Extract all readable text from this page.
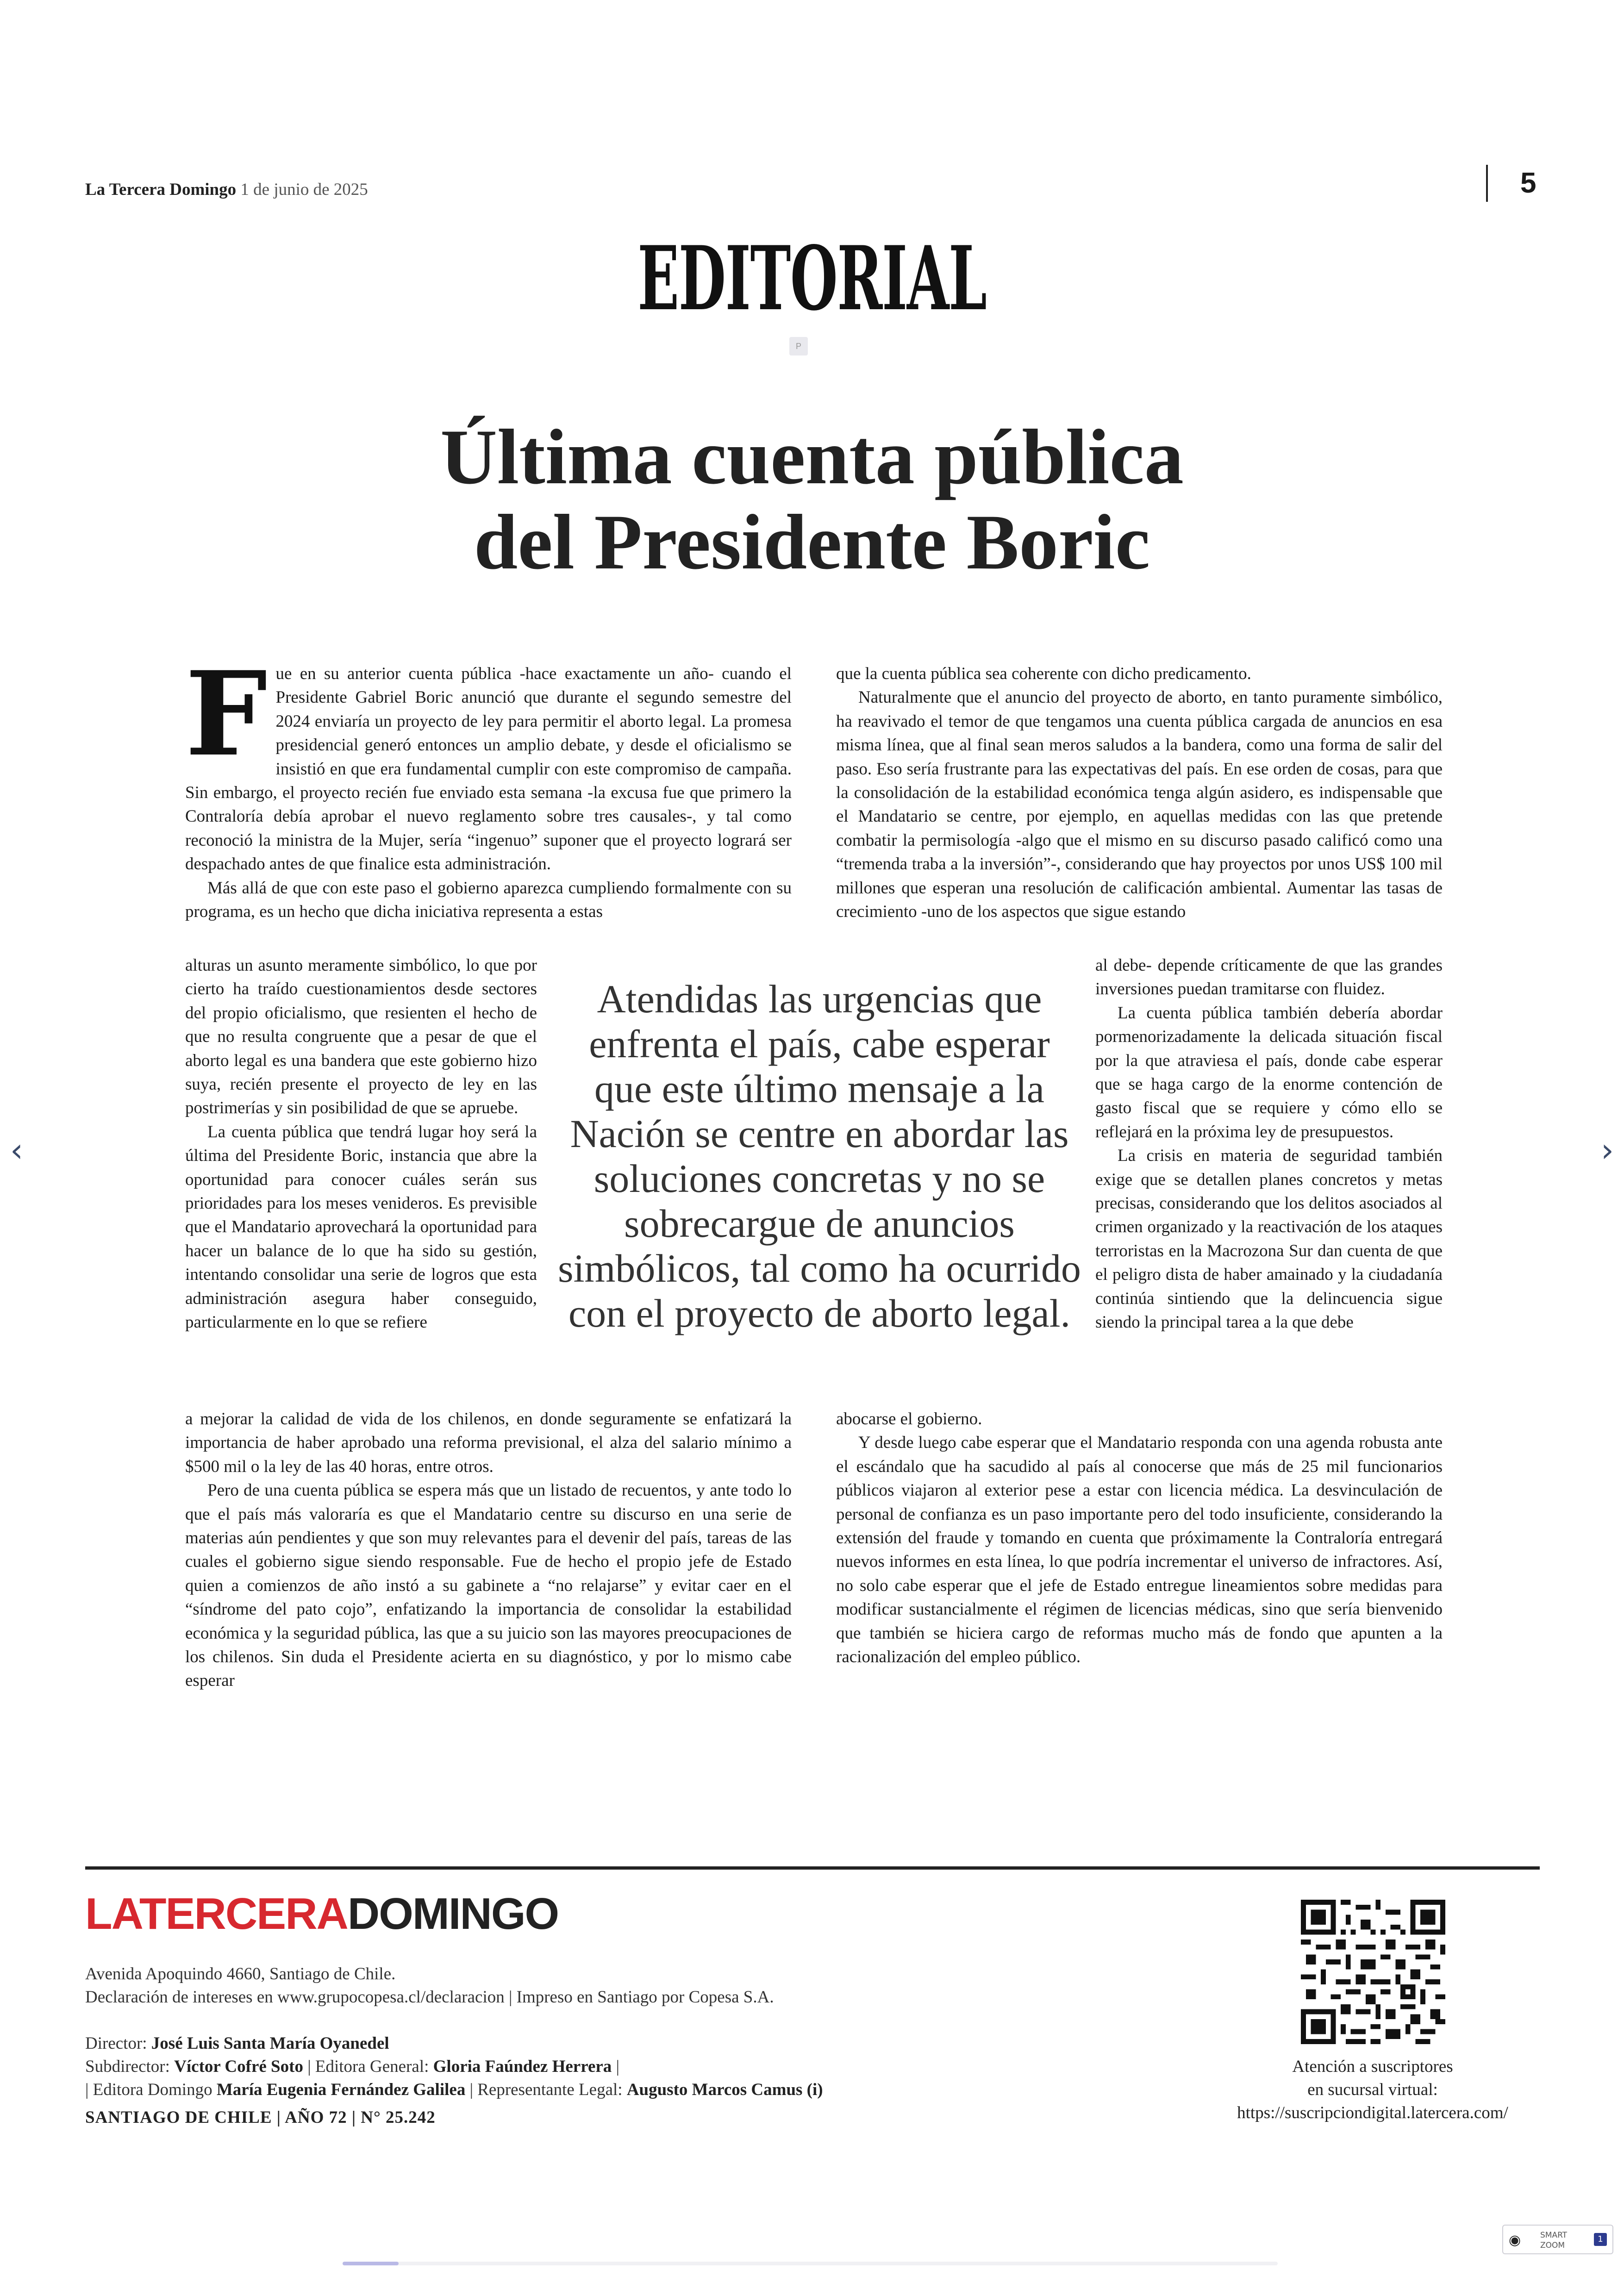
La Tercera Domingo 1 de junio de 2025	5
EDITORIAL
P
Última cuenta pública
del Presidente Boric

Fue en su anterior cuenta pública -hace exactamente un año- cuando el Presidente Gabriel Boric anunció que durante el segundo semestre del 2024 enviaría un proyecto de ley para permitir el aborto legal. La promesa presidencial generó entonces un amplio debate, y desde el oficialismo se insistió en que era fundamental cumplir con este compromiso de campaña. Sin embargo, el proyecto recién fue enviado esta semana -la excusa fue que primero la Contraloría debía aprobar el nuevo reglamento sobre tres causales-, y tal como reconoció la ministra de la Mujer, sería “ingenuo” suponer que el proyecto logrará ser despachado antes de que finalice esta administración.

Más allá de que con este paso el gobierno aparezca cumpliendo formalmente con su programa, es un hecho que dicha iniciativa representa a estas

alturas un asunto meramente simbólico, lo que por cierto ha traído cuestionamientos desde sectores del propio oficialismo, que resienten el hecho de que no resulta congruente que a pesar de que el aborto legal es una bandera que este gobierno hizo suya, recién presente el proyecto de ley en las postrimerías y sin posibilidad de que se apruebe.

La cuenta pública que tendrá lugar hoy será la última del Presidente Boric, instancia que abre la oportunidad para conocer cuáles serán sus prioridades para los meses venideros. Es previsible que el Mandatario aprovechará la oportunidad para hacer un balance de lo que ha sido su gestión, intentando consolidar una serie de logros que esta administración asegura haber conseguido, particularmente en lo que se refiere

a mejorar la calidad de vida de los chilenos, en donde seguramente se enfatizará la importancia de haber aprobado una reforma previsional, el alza del salario mínimo a $500 mil o la ley de las 40 horas, entre otros.

Pero de una cuenta pública se espera más que un listado de recuentos, y ante todo lo que el país más valoraría es que el Mandatario centre su discurso en una serie de materias aún pendientes y que son muy relevantes para el devenir del país, tareas de las cuales el gobierno sigue siendo responsable. Fue de hecho el propio jefe de Estado quien a comienzos de año instó a su gabinete a “no relajarse” y evitar caer en el “síndrome del pato cojo”, enfatizando la importancia de consolidar la estabilidad económica y la seguridad pública, las que a su juicio son las mayores preocupaciones de los chilenos. Sin duda el Presidente acierta en su diagnóstico, y por lo mismo cabe esperar

que la cuenta pública sea coherente con dicho predicamento.

Naturalmente que el anuncio del proyecto de aborto, en tanto puramente simbólico, ha reavivado el temor de que tengamos una cuenta pública cargada de anuncios en esa misma línea, que al final sean meros saludos a la bandera, como una forma de salir del paso. Eso sería frustrante para las expectativas del país. En ese orden de cosas, para que la consolidación de la estabilidad económica tenga algún asidero, es indispensable que el Mandatario se centre, por ejemplo, en aquellas medidas con las que pretende combatir la permisología -algo que el mismo en su discurso pasado calificó como una “tremenda traba a la inversión”-, considerando que hay proyectos por unos US$ 100 mil millones que esperan una resolución de calificación ambiental. Aumentar las tasas de crecimiento -uno de los aspectos que sigue estando

al debe- depende críticamente de que las grandes inversiones puedan tramitarse con fluidez.

La cuenta pública también debería abordar pormenorizadamente la delicada situación fiscal por la que atraviesa el país, donde cabe esperar que se haga cargo de la enorme contención de gasto fiscal que se requiere y cómo ello se reflejará en la próxima ley de presupuestos.

La crisis en materia de seguridad también exige que se detallen planes concretos y metas precisas, considerando que los delitos asociados al crimen organizado y la reactivación de los ataques terroristas en la Macrozona Sur dan cuenta de que el peligro dista de haber amainado y la ciudadanía continúa sintiendo que la delincuencia sigue siendo la principal tarea a la que debe

abocarse el gobierno.

Y desde luego cabe esperar que el Mandatario responda con una agenda robusta ante el escándalo que ha sacudido al país al conocerse que más de 25 mil funcionarios públicos viajaron al exterior pese a estar con licencia médica. La desvinculación de personal de confianza es un paso importante pero del todo insuficiente, considerando la extensión del fraude y tomando en cuenta que próximamente la Contraloría entregará nuevos informes en esta línea, lo que podría incrementar el universo de infractores. Así, no solo cabe esperar que el jefe de Estado entregue lineamientos sobre medidas para modificar sustancialmente el régimen de licencias médicas, sino que sería bienvenido que también se hiciera cargo de reformas mucho más de fondo que apunten a la racionalización del empleo público.

Atendidas las urgencias que enfrenta el país, cabe esperar que este último mensaje a la Nación se centre en abordar las soluciones concretas y no se sobrecargue de anuncios simbólicos, tal como ha ocurrido con el proyecto de aborto legal.
LATERCERADOMINGO
Avenida Apoquindo 4660, Santiago de Chile.
Declaración de intereses en www.grupocopesa.cl/declaracion | Impreso en Santiago por Copesa S.A.
Director: José Luis Santa María Oyanedel
Subdirector: Víctor Cofré Soto | Editora General: Gloria Faúndez Herrera |
| Editora Domingo María Eugenia Fernández Galilea | Representante Legal: Augusto Marcos Camus (i)
SANTIAGO DE CHILE | AÑO 72 | N° 25.242
Atención a suscriptores
en sucursal virtual:
https://suscripciondigital.latercera.com/
‹	›
◉ SMART
ZOOM
1
